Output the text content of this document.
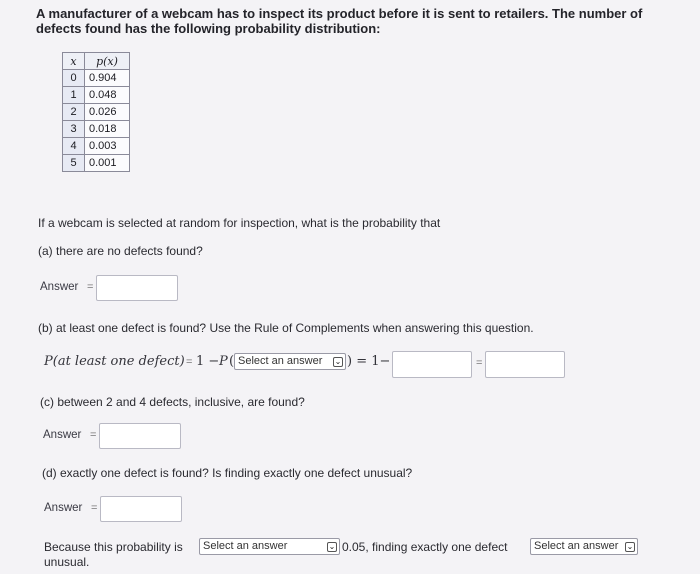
A manufacturer of a webcam has to inspect its product before it is sent to retailers. The number of defects found has the following probability distribution:
x	p(x)
0	0.904
1	0.048
2	0.026
3	0.018
4	0.003
5	0.001
If a webcam is selected at random for inspection, what is the probability that
(a) there are no defects found?
Answer =
(b) at least one defect is found? Use the Rule of Complements when answering this question.
P(at least one defect) = 1 − P ( Select an answer ⌄ ) = 1−	=
(c) between 2 and 4 defects, inclusive, are found?
Answer =
(d) exactly one defect is found? Is finding exactly one defect unusual?
Answer =
Because this probability is	Select an answer	⌄ 0.05, finding exactly one defect	Select an answer ⌄
unusual.
